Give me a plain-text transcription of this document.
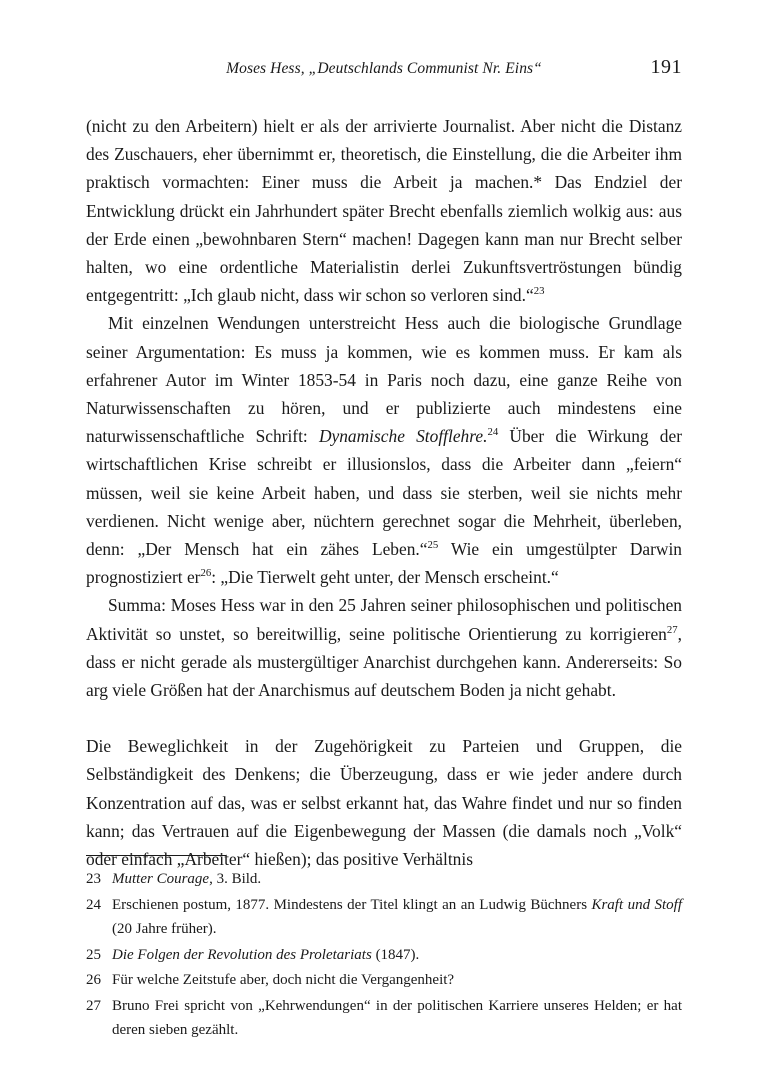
Moses Hess, „Deutschlands Communist Nr. Eins“	191

(nicht zu den Arbeitern) hielt er als der arrivierte Journalist. Aber nicht die Distanz des Zuschauers, eher übernimmt er, theoretisch, die Einstellung, die die Arbeiter ihm praktisch vormachten: Einer muss die Arbeit ja machen.* Das Endziel der Entwicklung drückt ein Jahrhundert später Brecht ebenfalls ziemlich wolkig aus: aus der Erde einen „bewohnbaren Stern“ machen! Dagegen kann man nur Brecht selber halten, wo eine ordentliche Materialistin derlei Zukunftsvertröstungen bündig entgegentritt: „Ich glaub nicht, dass wir schon so verloren sind.“$^{23}$

Mit einzelnen Wendungen unterstreicht Hess auch die biologische Grundlage seiner Argumentation: Es muss ja kommen, wie es kommen muss. Er kam als erfahrener Autor im Winter 1853-54 in Paris noch dazu, eine ganze Reihe von Naturwissenschaften zu hören, und er publizierte auch mindestens eine naturwissenschaftliche Schrift: Dynamische Stofflehre.$^{24}$ Über die Wirkung der wirtschaftlichen Krise schreibt er illusionslos, dass die Arbeiter dann „feiern“ müssen, weil sie keine Arbeit haben, und dass sie sterben, weil sie nichts mehr verdienen. Nicht wenige aber, nüchtern gerechnet sogar die Mehrheit, überleben, denn: „Der Mensch hat ein zähes Leben.“$^{25}$ Wie ein umgestülpter Darwin prognostiziert $er^{26}$: „Die Tierwelt geht unter, der Mensch erscheint.“

Summa: Moses Hess war in den 25 Jahren seiner philosophischen und politischen Aktivität so unstet, so bereitwillig, seine politische Orientierung zu korrigieren$^{27}$, dass er nicht gerade als mustergültiger Anarchist durchgehen kann. Andererseits: So arg viele Größen hat der Anarchismus auf deutschem Boden ja nicht gehabt.

Die Beweglichkeit in der Zugehörigkeit zu Parteien und Gruppen, die Selbständigkeit des Denkens; die Überzeugung, dass er wie jeder andere durch Konzentration auf das, was er selbst erkannt hat, das Wahre findet und nur so finden kann; das Vertrauen auf die Eigenbewegung der Massen (die damals noch „Volk“ oder einfach „Arbeiter“ hießen); das positive Verhältnis

23 Mutter Courage, 3. Bild.
24 Erschienen postum, 1877. Mindestens der Titel klingt an an Ludwig Büchners Kraft und Stoff (20 Jahre früher).
25 Die Folgen der Revolution des Proletariats (1847).
26 Für welche Zeitstufe aber, doch nicht die Vergangenheit?
27 Bruno Frei spricht von „Kehrwendungen“ in der politischen Karriere unseres Helden; er hat deren sieben gezählt.
